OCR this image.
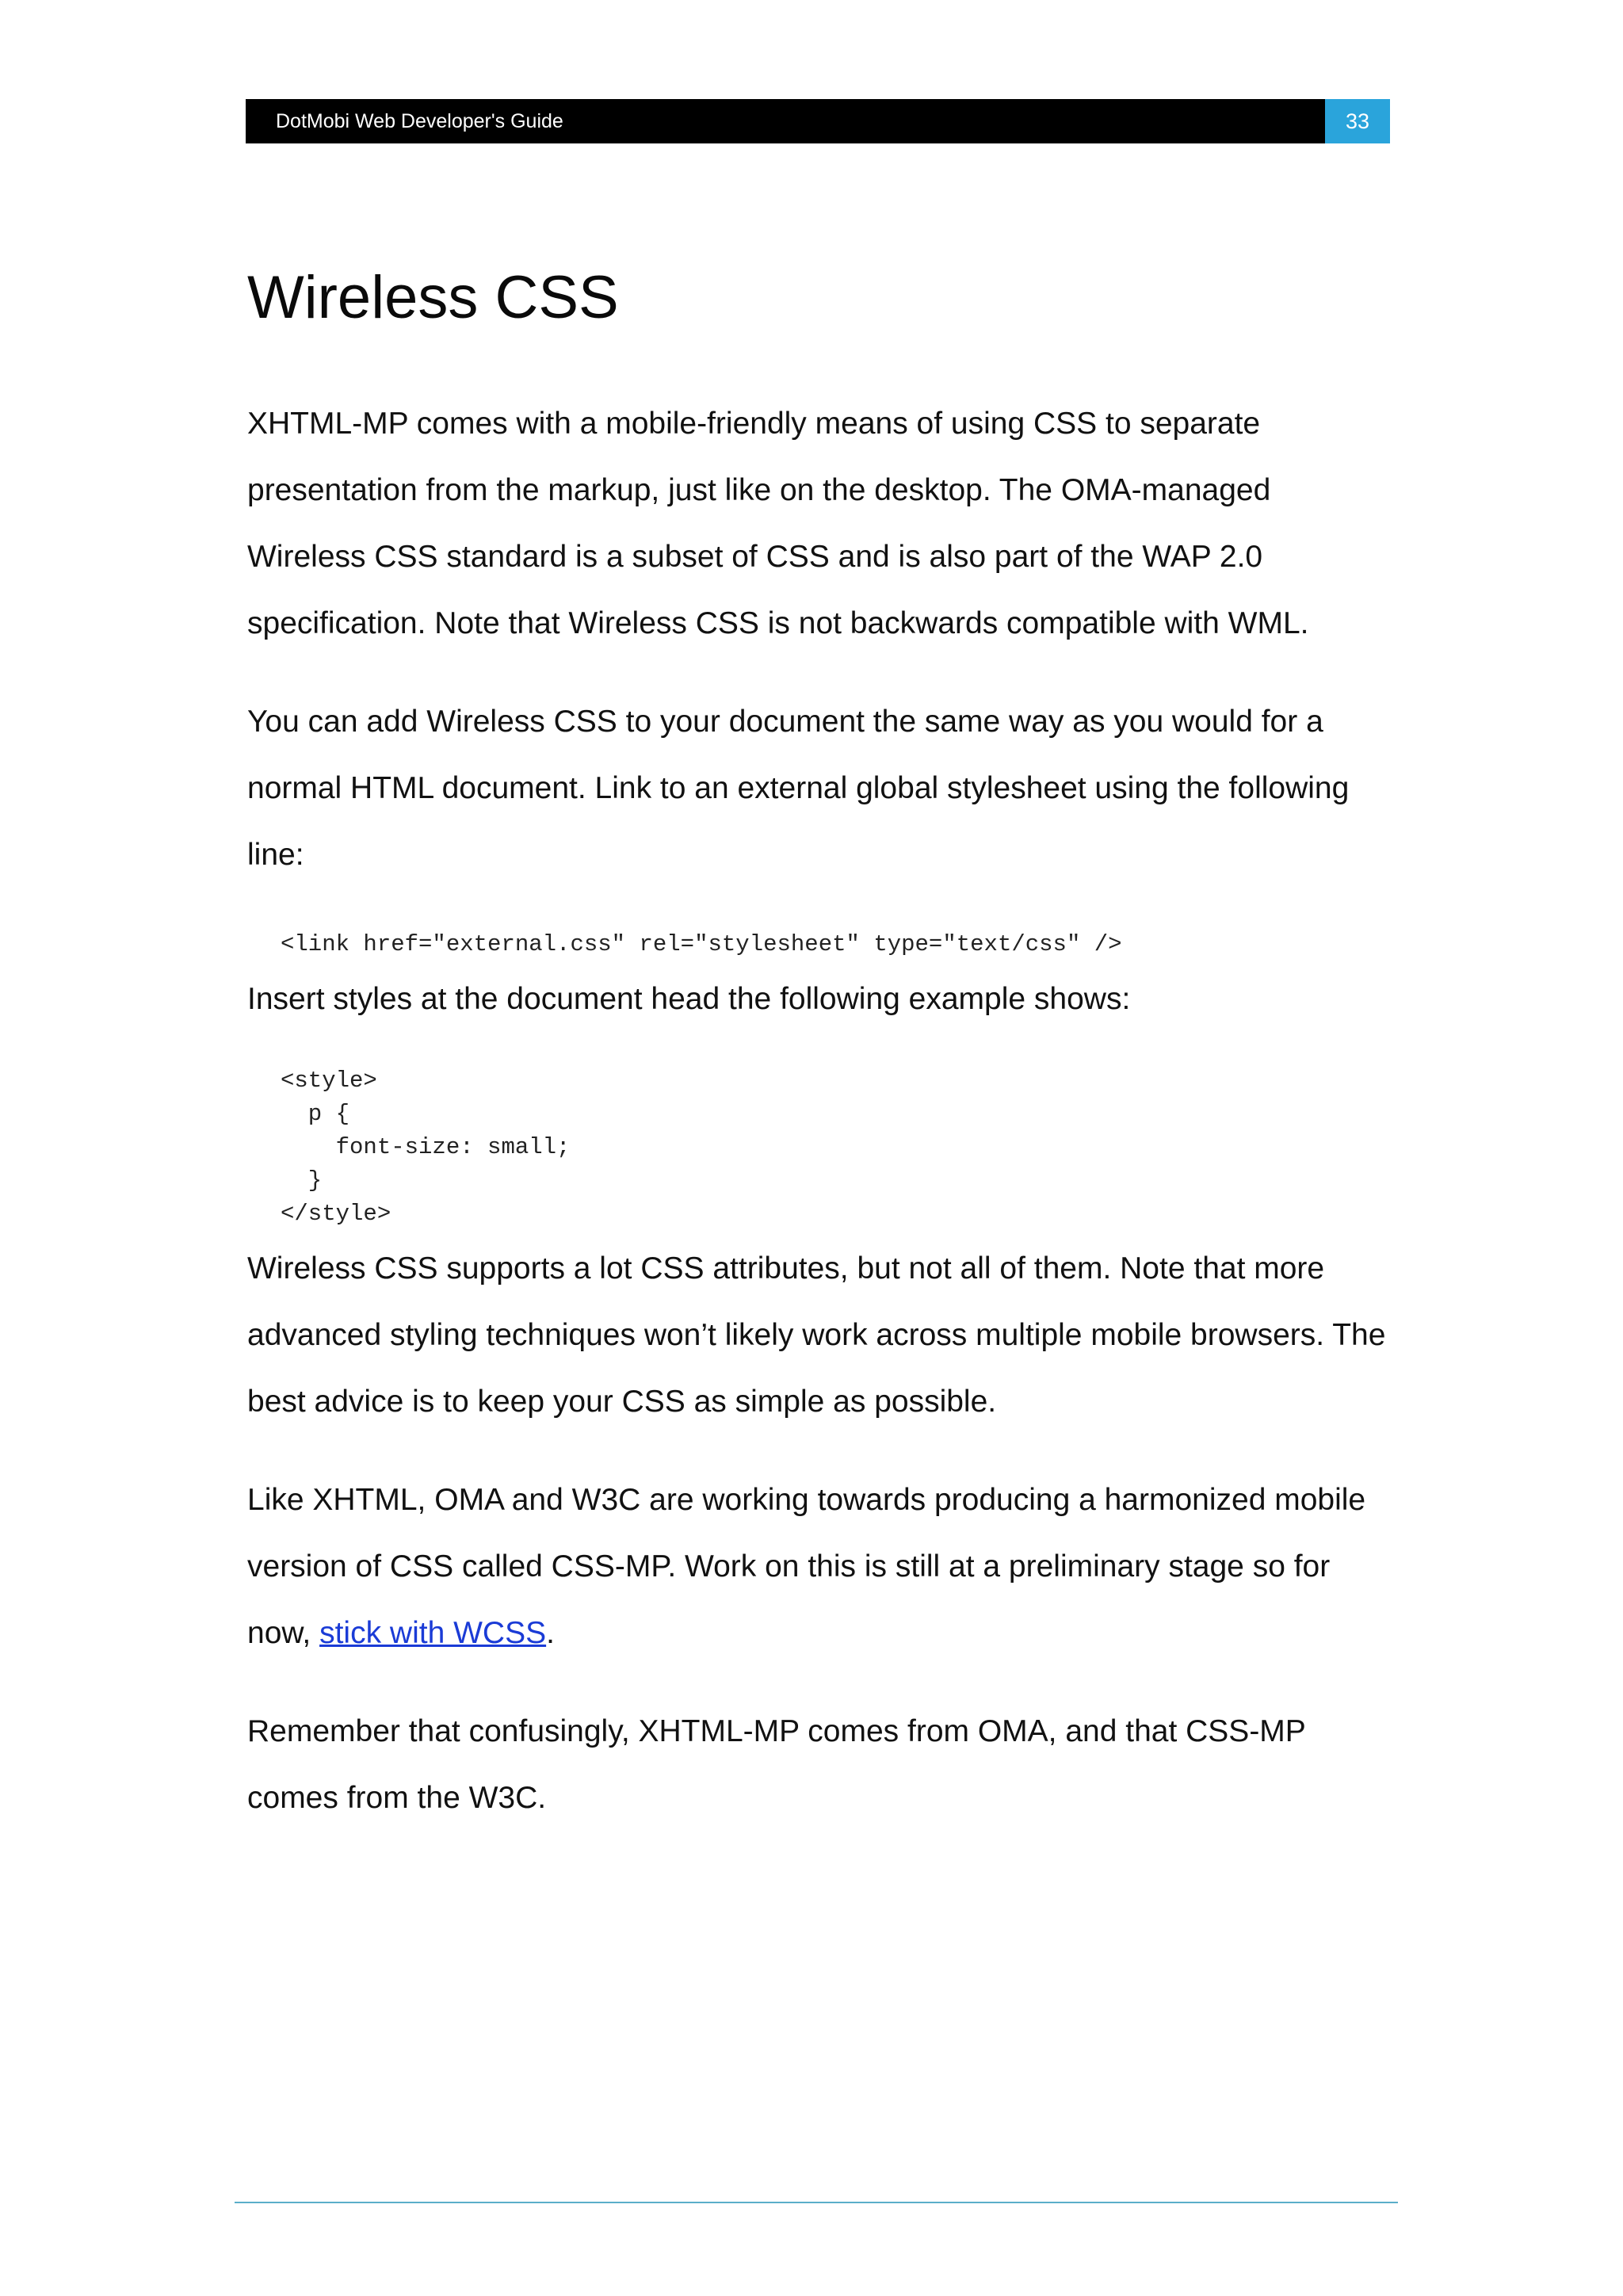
DotMobi Web Developer's Guide	33
Wireless CSS

XHTML-MP comes with a mobile-friendly means of using CSS to separate presentation from the markup, just like on the desktop. The OMA-managed Wireless CSS standard is a subset of CSS and is also part of the WAP 2.0 specification. Note that Wireless CSS is not backwards compatible with WML.

You can add Wireless CSS to your document the same way as you would for a normal HTML document. Link to an external global stylesheet using the following line:

<link href="external.css" rel="stylesheet" type="text/css" />

Insert styles at the document head the following example shows:

<style>
p {
font-size: small;
}
</style>

Wireless CSS supports a lot CSS attributes, but not all of them. Note that more advanced styling techniques won’t likely work across multiple mobile browsers. The best advice is to keep your CSS as simple as possible.

Like XHTML, OMA and W3C are working towards producing a harmonized mobile version of CSS called CSS-MP. Work on this is still at a preliminary stage so for now, stick with WCSS.

Remember that confusingly, XHTML-MP comes from OMA, and that CSS-MP comes from the W3C.
